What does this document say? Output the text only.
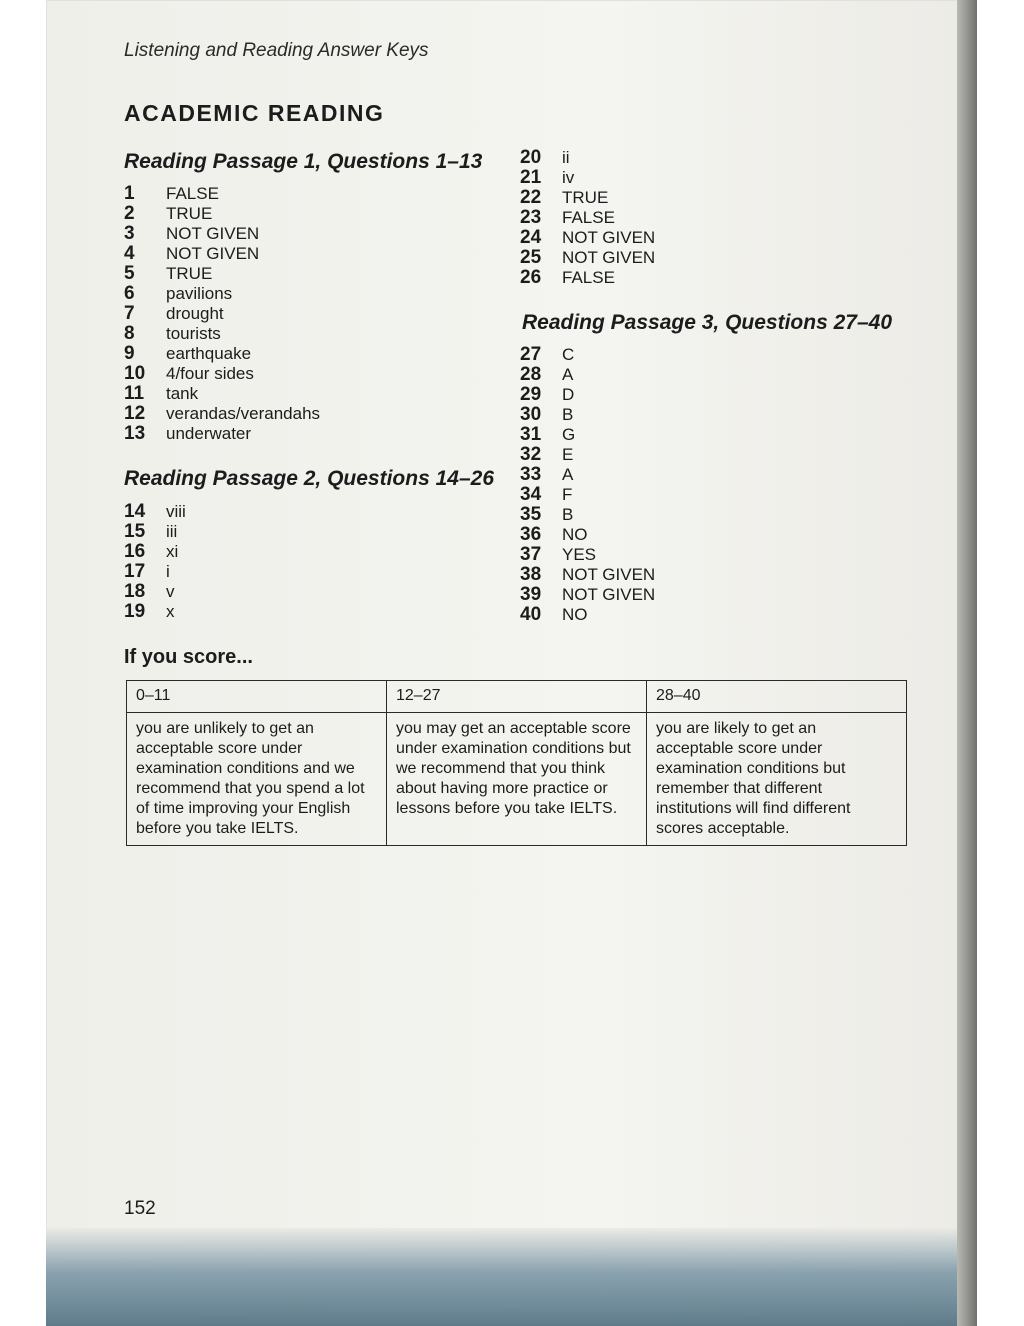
Listening and Reading Answer Keys
ACADEMIC READING
Reading Passage 1, Questions 1–13
1	FALSE
2	TRUE
3	NOT GIVEN
4	NOT GIVEN
5	TRUE
6	pavilions
7	drought
8	tourists
9	earthquake
10	4/four sides
11	tank
12	verandas/verandahs
13	underwater
Reading Passage 2, Questions 14–26
14	viii
15	iii
16	xi
17	i
18	v
19	x
20	ii
21	iv
22	TRUE
23	FALSE
24	NOT GIVEN
25	NOT GIVEN
26	FALSE
Reading Passage 3, Questions 27–40
27	C
28	A
29	D
30	B
31	G
32	E
33	A
34	F
35	B
36	NO
37	YES
38	NOT GIVEN
39	NOT GIVEN
40	NO
If you score...
0–11	12–27	28–40
you are unlikely to get an acceptable score under examination conditions and we recommend that you spend a lot of time improving your English before you take IELTS.	you may get an acceptable score under examination conditions but we recommend that you think about having more practice or lessons before you take IELTS.	you are likely to get an acceptable score under examination conditions but remember that different institutions will find different scores acceptable.
152
